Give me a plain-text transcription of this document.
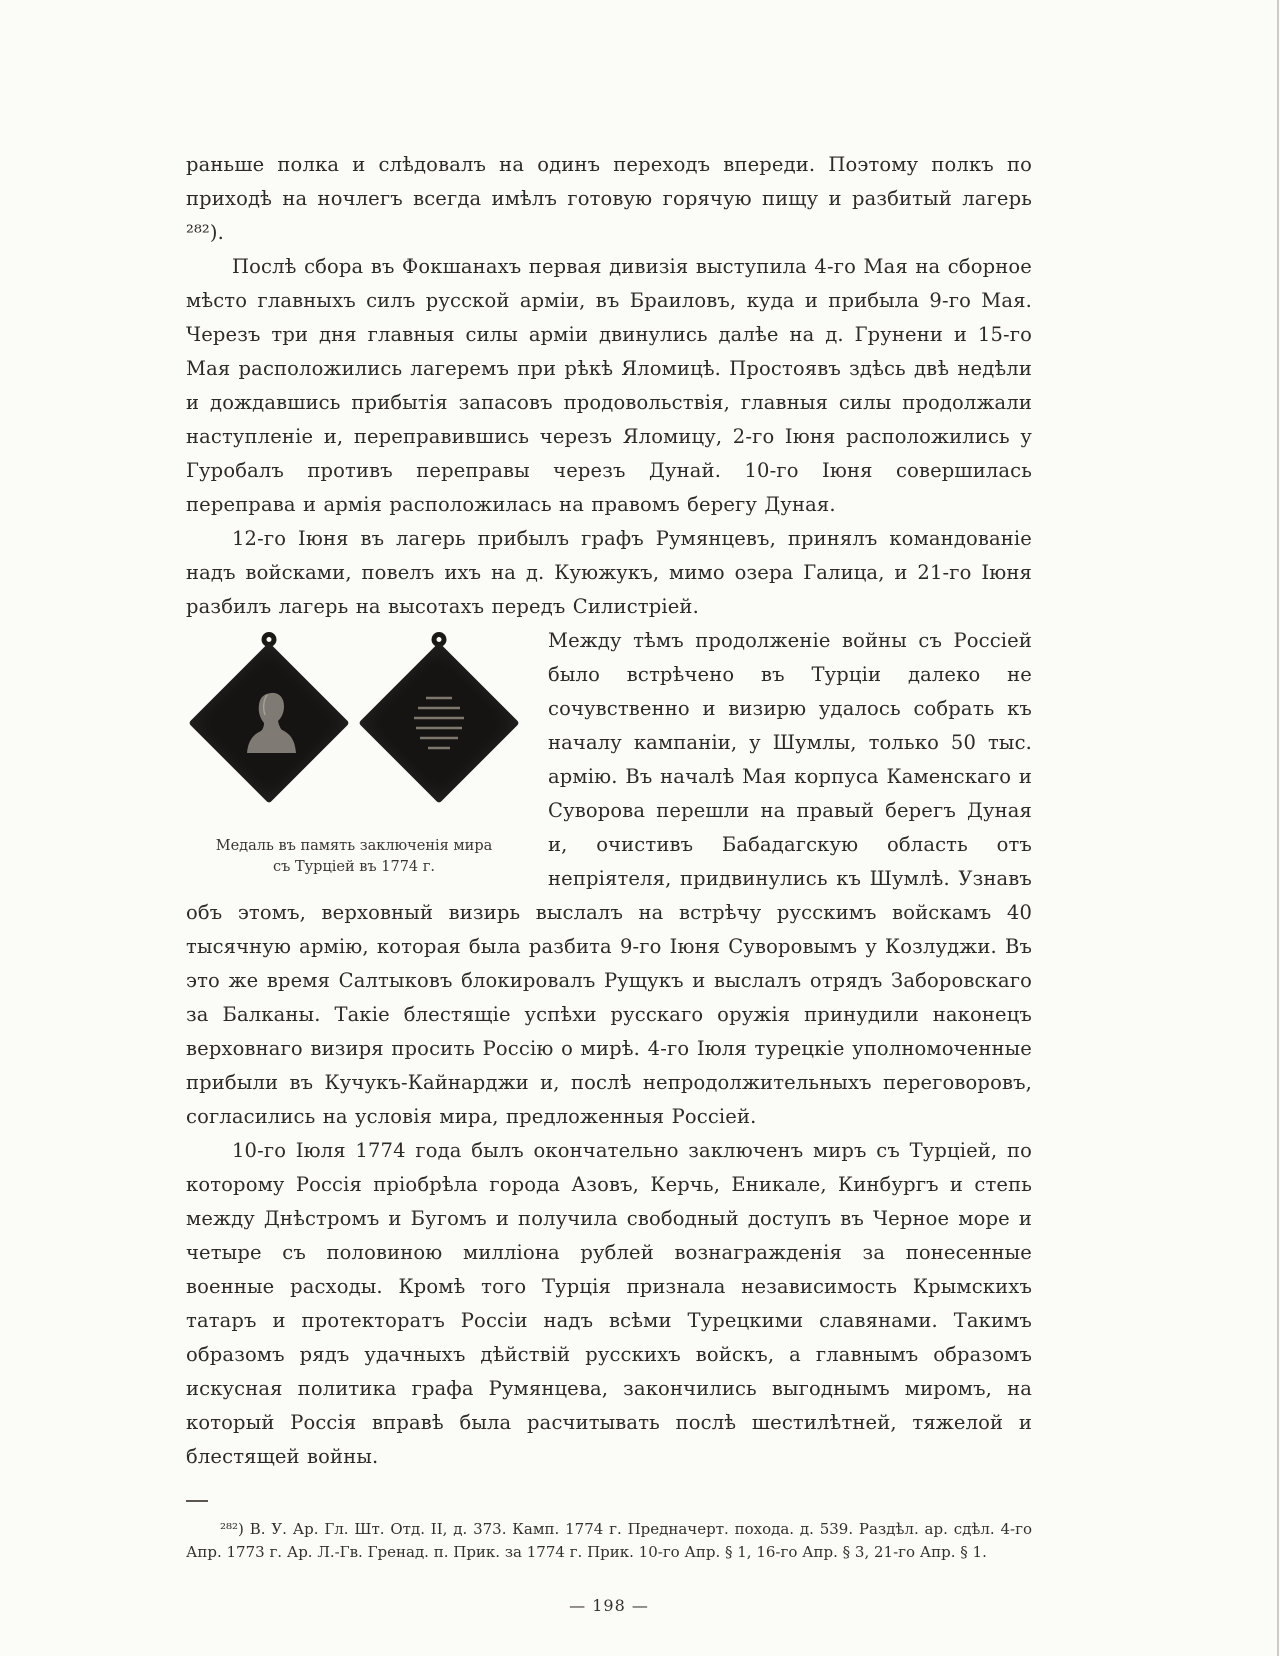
раньше полка и слѣдовалъ на одинъ переходъ впереди. Поэтому полкъ по приходѣ на ночлегъ всегда имѣлъ готовую горячую пищу и разбитый лагерь ²⁸²).

Послѣ сбора въ Фокшанахъ первая дивизія выступила 4-го Мая на сборное мѣсто главныхъ силъ русской арміи, въ Браиловъ, куда и прибыла 9-го Мая. Черезъ три дня главныя силы арміи двинулись далѣе на д. Грунени и 15-го Мая расположились лагеремъ при рѣкѣ Яломицѣ. Простоявъ здѣсь двѣ недѣли и дождавшись прибытія запасовъ продовольствія, главныя силы продолжали наступленіе и, переправившись черезъ Яломицу, 2-го Іюня расположились у Гуробалъ противъ переправы черезъ Дунай. 10-го Іюня совершилась переправа и армія расположилась на правомъ берегу Дуная.

12-го Іюня въ лагерь прибылъ графъ Румянцевъ, принялъ командованіе надъ войсками, повелъ ихъ на д. Куюжукъ, мимо озера Галица, и 21-го Іюня разбилъ лагерь на высотахъ передъ Силистріей.

Медаль въ память заключенія мира
съ Турціей въ 1774 г.

Между тѣмъ продолженіе войны съ Россіей было встрѣчено въ Турціи далеко не сочувственно и визирю удалось собрать къ началу кампаніи, у Шумлы, только 50 тыс. армію. Въ началѣ Мая корпуса Каменскаго и Суворова перешли на правый берегъ Дуная и, очистивъ Бабадагскую область отъ непріятеля, придвинулись къ Шумлѣ. Узнавъ объ этомъ, верховный визирь выслалъ на встрѣчу русскимъ войскамъ 40 тысячную армію, которая была разбита 9-го Іюня Суворовымъ у Козлуджи. Въ это же время Салтыковъ блокировалъ Рущукъ и выслалъ отрядъ Заборовскаго за Балканы. Такіе блестящіе успѣхи русскаго оружія принудили наконецъ верховнаго визиря просить Россію о мирѣ. 4-го Іюля турецкіе уполномоченные прибыли въ Кучукъ-Кайнарджи и, послѣ непродолжительныхъ переговоровъ, согласились на условія мира, предложенныя Россіей.

10-го Іюля 1774 года былъ окончательно заключенъ миръ съ Турціей, по которому Россія пріобрѣла города Азовъ, Керчь, Еникале, Кинбургъ и степь между Днѣстромъ и Бугомъ и получила свободный доступъ въ Черное море и четыре съ половиною милліона рублей вознагражденія за понесенные военные расходы. Кромѣ того Турція признала независимость Крымскихъ татаръ и протекторатъ Россіи надъ всѣми Турецкими славянами. Такимъ образомъ рядъ удачныхъ дѣйствій русскихъ войскъ, а главнымъ образомъ искусная политика графа Румянцева, закончились выгоднымъ миромъ, на который Россія вправѣ была расчитывать послѣ шестилѣтней, тяжелой и блестящей войны.

²⁸²) В. У. Ар. Гл. Шт. Отд. II, д. 373. Камп. 1774 г. Предначерт. похода. д. 539. Раздѣл. ар. сдѣл. 4-го Апр. 1773 г. Ар. Л.-Гв. Гренад. п. Прик. за 1774 г. Прик. 10-го Апр. § 1, 16-го Апр. § 3, 21-го Апр. § 1.

— 198 —
